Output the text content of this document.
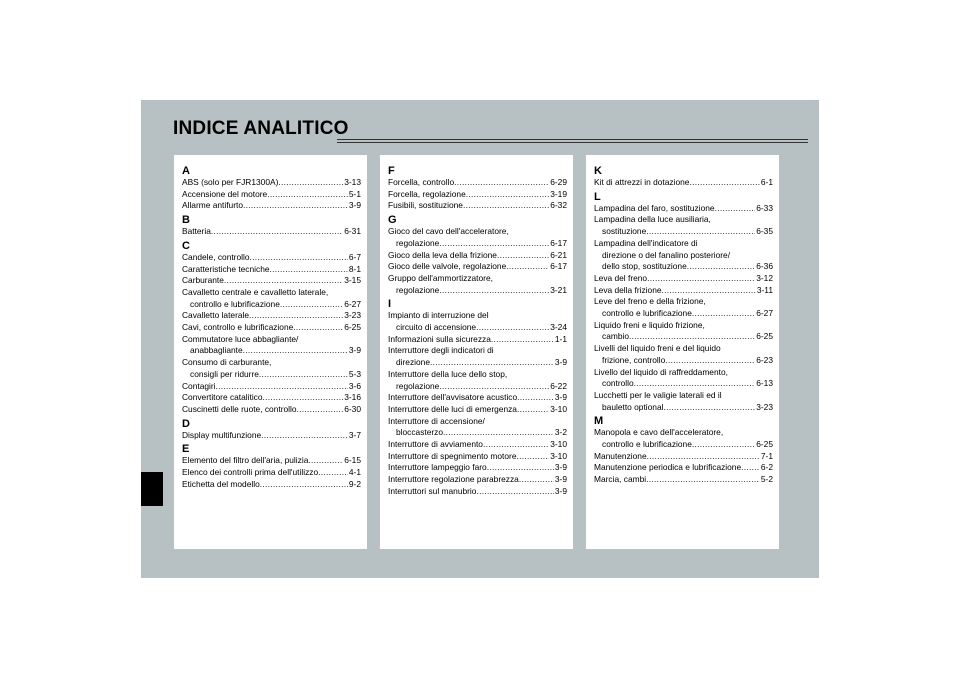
INDICE ANALITICO
A
ABS (solo per FJR1300A) .....	3-13
Accensione del motore .....	5-1
Allarme antifurto .....	3-9
B
Batteria .....	6-31
C
Candele, controllo .....	6-7
Caratteristiche tecniche .....	8-1
Carburante .....	3-15
Cavalletto centrale e cavalletto laterale,
controllo e lubrificazione .....	6-27
Cavalletto laterale .....	3-23
Cavi, controllo e lubrificazione .....	6-25
Commutatore luce abbagliante/
anabbagliante .....	3-9
Consumo di carburante,
consigli per ridurre .....	5-3
Contagiri .....	3-6
Convertitore catalitico .....	3-16
Cuscinetti delle ruote, controllo .....	6-30
D
Display multifunzione .....	3-7
E
Elemento del filtro dell'aria, pulizia .....	6-15
Elenco dei controlli prima dell'utilizzo .....	4-1
Etichetta del modello .....	9-2
F
Forcella, controllo .....	6-29
Forcella, regolazione .....	3-19
Fusibili, sostituzione .....	6-32
G
Gioco del cavo dell'acceleratore,
regolazione .....	6-17
Gioco della leva della frizione .....	6-21
Gioco delle valvole, regolazione .....	6-17
Gruppo dell'ammortizzatore,
regolazione .....	3-21
I
Impianto di interruzione del
circuito di accensione .....	3-24
Informazioni sulla sicurezza .....	1-1
Interruttore degli indicatori di
direzione .....	3-9
Interruttore della luce dello stop,
regolazione .....	6-22
Interruttore dell'avvisatore acustico .....	3-9
Interruttore delle luci di emergenza .....	3-10
Interruttore di accensione/
bloccasterzo .....	3-2
Interruttore di avviamento .....	3-10
Interruttore di spegnimento motore .....	3-10
Interruttore lampeggio faro .....	3-9
Interruttore regolazione parabrezza .....	3-9
Interruttori sul manubrio .....	3-9
K
Kit di attrezzi in dotazione .....	6-1
L
Lampadina del faro, sostituzione .....	6-33
Lampadina della luce ausiliaria,
sostituzione .....	6-35
Lampadina dell'indicatore di
direzione o del fanalino posteriore/
dello stop, sostituzione .....	6-36
Leva del freno .....	3-12
Leva della frizione .....	3-11
Leve del freno e della frizione,
controllo e lubrificazione .....	6-27
Liquido freni e liquido frizione,
cambio .....	6-25
Livelli del liquido freni e del liquido
frizione, controllo .....	6-23
Livello del liquido di raffreddamento,
controllo .....	6-13
Lucchetti per le valigie laterali ed il
bauletto optional .....	3-23
M
Manopola e cavo dell'acceleratore,
controllo e lubrificazione .....	6-25
Manutenzione .....	7-1
Manutenzione periodica e lubrificazione ..... 6-2
Marcia, cambi .....	5-2
